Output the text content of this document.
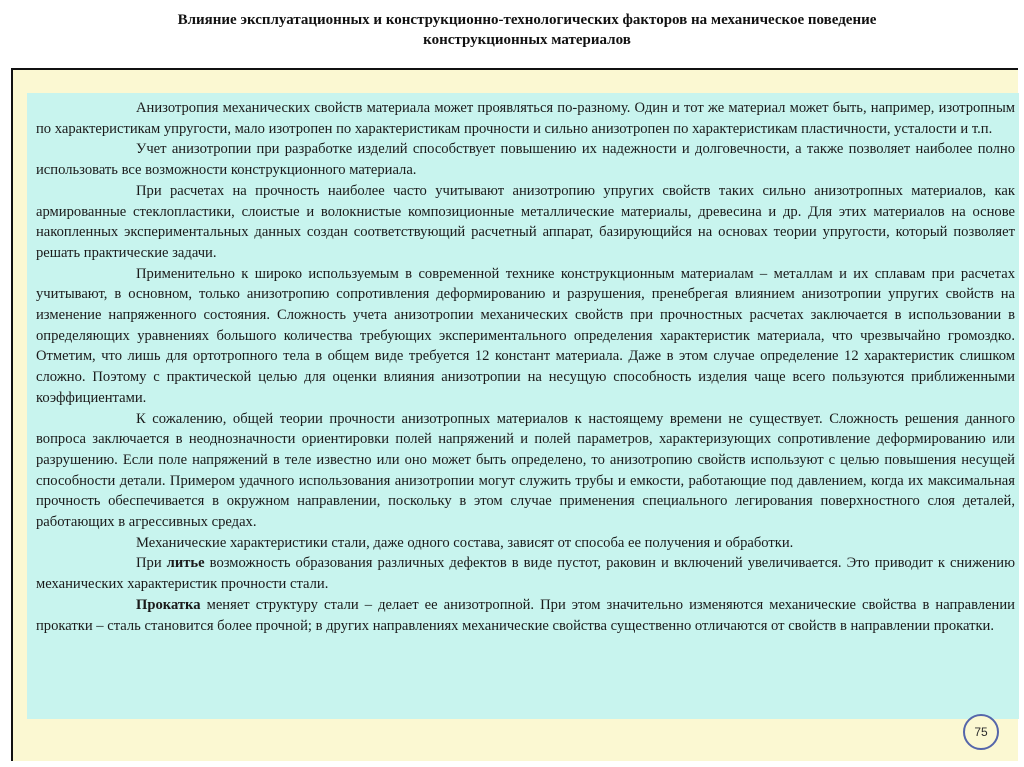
Влияние эксплуатационных и конструкционно-технологических факторов на механическое поведение
конструкционных материалов

Анизотропия механических свойств материала может проявляться по-разному. Один и тот же материал может быть, например, изотропным по характеристикам упругости, мало изотропен по характеристикам прочности и сильно анизотропен по характеристикам пластичности, усталости и т.п.

Учет анизотропии при разработке изделий способствует повышению их надежности и долговечности, а также позволяет наиболее полно использовать все возможности конструкционного материала.

При расчетах на прочность наиболее часто учитывают анизотропию упругих свойств таких сильно анизотропных материалов, как армированные стеклопластики, слоистые и волокнистые композиционные металлические материалы, древесина и др. Для этих материалов на основе накопленных экспериментальных данных создан соответствующий расчетный аппарат, базирующийся на основах теории упругости, который позволяет решать практические задачи.

Применительно к широко используемым в современной технике конструкционным материалам – металлам и их сплавам при расчетах учитывают, в основном, только анизотропию сопротивления деформированию и разрушения, пренебрегая влиянием анизотропии упругих свойств на изменение напряженного состояния. Сложность учета анизотропии механических свойств при прочностных расчетах заключается в использовании в определяющих уравнениях большого количества требующих экспериментального определения характеристик материала, что чрезвычайно громоздко. Отметим, что лишь для ортотропного тела в общем виде требуется 12 констант материала. Даже в этом случае определение 12 характеристик слишком сложно. Поэтому с практической целью для оценки влияния анизотропии на несущую способность изделия чаще всего пользуются приближенными коэффициентами.

К сожалению, общей теории прочности анизотропных материалов к настоящему времени не существует. Сложность решения данного вопроса заключается в неоднозначности ориентировки полей напряжений и полей параметров, характеризующих сопротивление деформированию или разрушению. Если поле напряжений в теле известно или оно может быть определено, то анизотропию свойств используют с целью повышения несущей способности детали. Примером удачного использования анизотропии могут служить трубы и емкости, работающие под давлением, когда их максимальная прочность обеспечивается в окружном направлении, поскольку в этом случае применения специального легирования поверхностного слоя деталей, работающих в агрессивных средах.

Механические характеристики стали, даже одного состава, зависят от способа ее получения и обработки.

При литье возможность образования различных дефектов в виде пустот, раковин и включений увеличивается. Это приводит к снижению механических характеристик прочности стали.

Прокатка меняет структуру стали – делает ее анизотропной. При этом значительно изменяются механические свойства в направлении прокатки – сталь становится более прочной; в других направлениях механические свойства существенно отличаются от свойств в направлении прокатки.

75
